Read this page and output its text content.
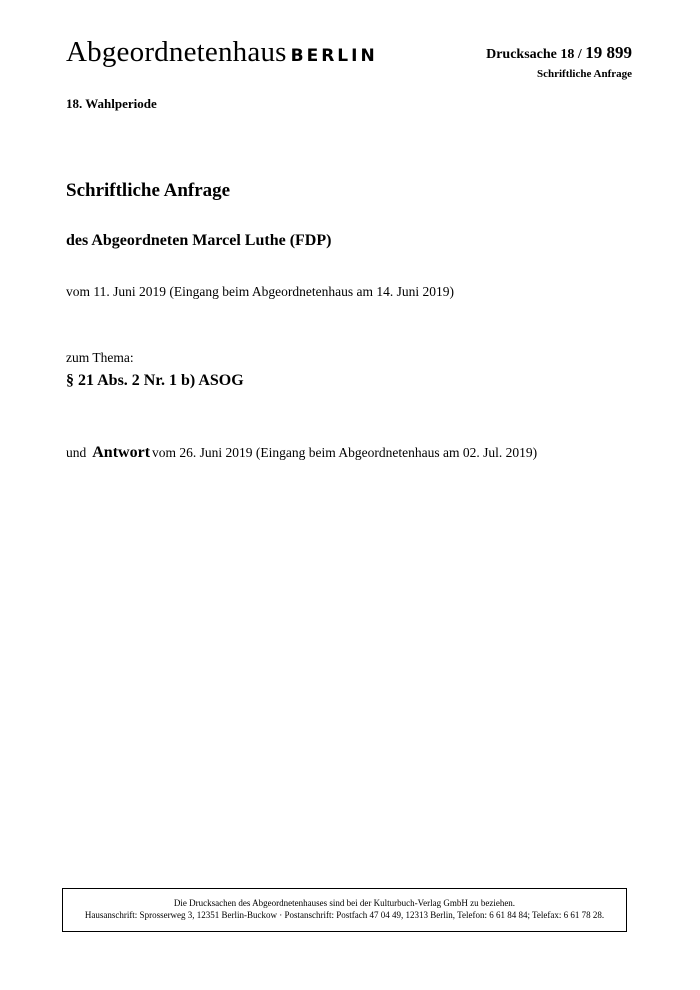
Abgeordnetenhaus BERLIN	Drucksache 18 / 19 899
Schriftliche Anfrage
18. Wahlperiode
Schriftliche Anfrage
des Abgeordneten Marcel Luthe (FDP)
vom 11. Juni 2019 (Eingang beim Abgeordnetenhaus am 14. Juni 2019)
zum Thema:
§ 21 Abs. 2 Nr. 1 b) ASOG
und Antwort vom 26. Juni 2019 (Eingang beim Abgeordnetenhaus am 02. Jul. 2019)
Die Drucksachen des Abgeordnetenhauses sind bei der Kulturbuch-Verlag GmbH zu beziehen.
Hausanschrift: Sprosserweg 3, 12351 Berlin-Buckow · Postanschrift: Postfach 47 04 49, 12313 Berlin, Telefon: 6 61 84 84; Telefax: 6 61 78 28.
